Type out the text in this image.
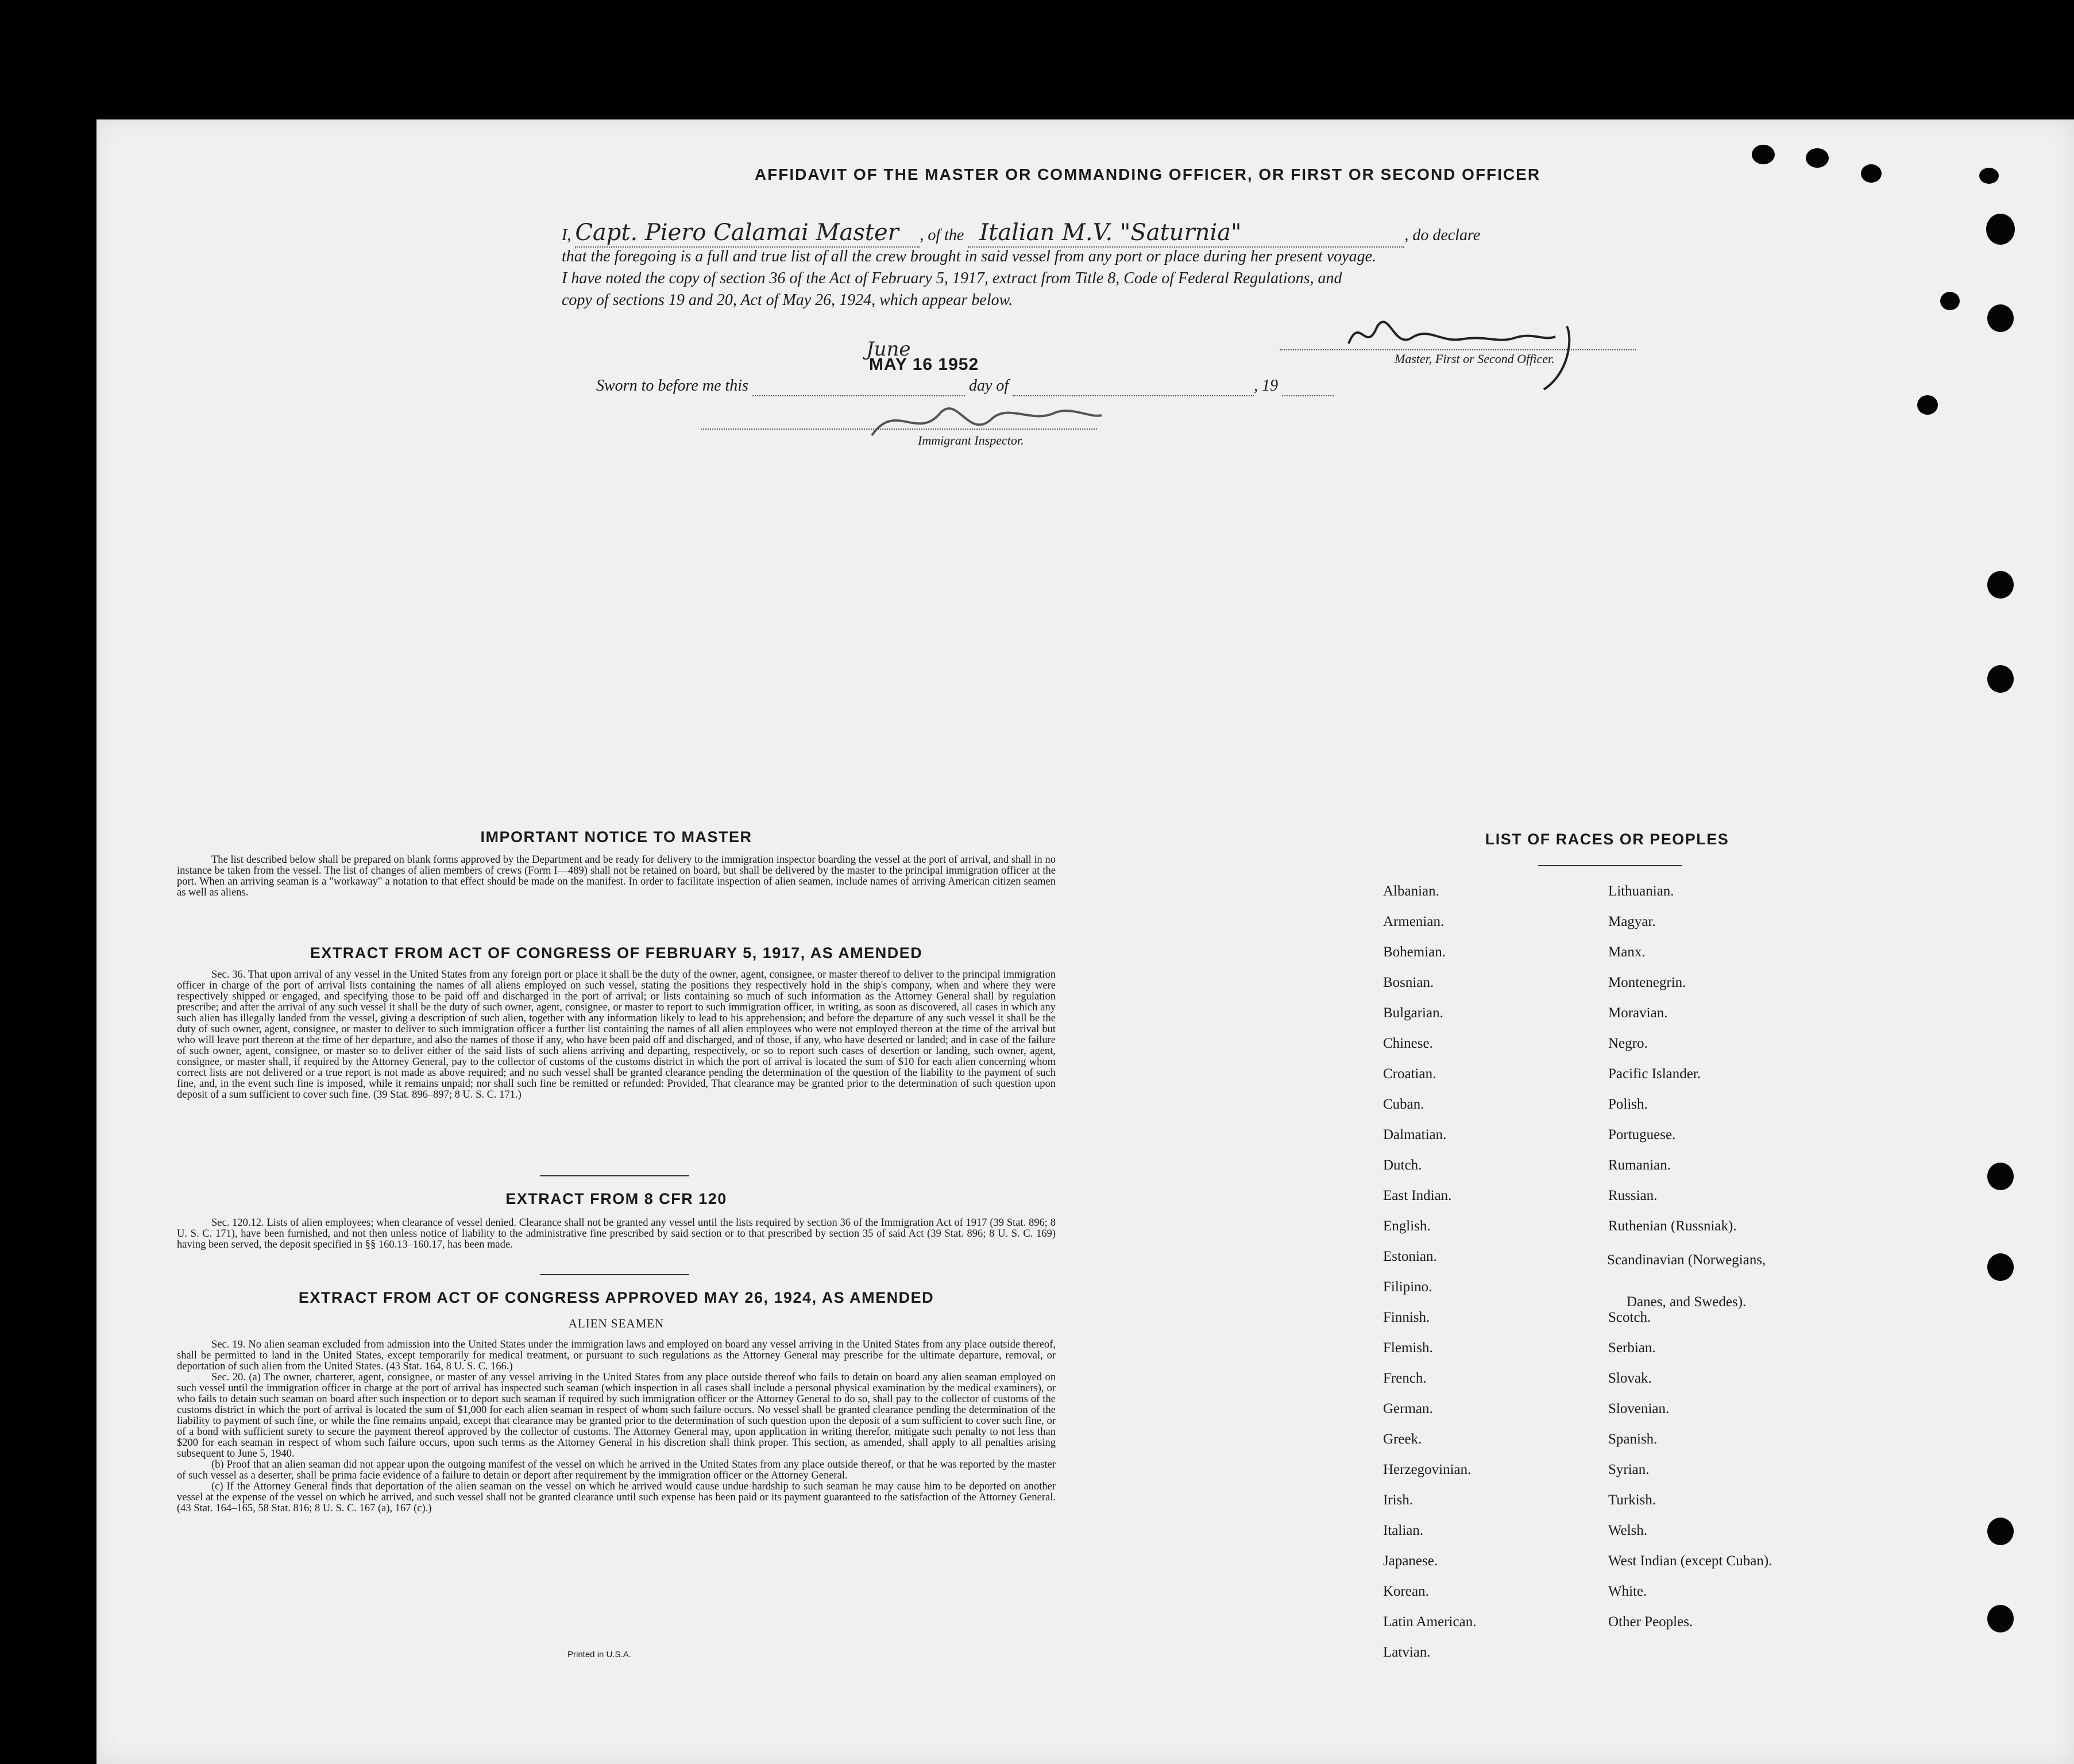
AFFIDAVIT OF THE MASTER OR COMMANDING OFFICER, OR FIRST OR SECOND OFFICER
I, Capt. Piero Calamai Master , of the Italian M.V. "Saturnia"	, do declare
that the foregoing is a full and true list of all the crew brought in said vessel from any port or place during her present voyage.
I have noted the copy of section 36 of the Act of February 5, 1917, extract from Title 8, Code of Federal Regulations, and
copy of sections 19 and 20, Act of May 26, 1924, which appear below.
Master, First or Second Officer.
Sworn to before me this	day of	, 19
June
MAY 16 1952
Immigrant Inspector.
IMPORTANT NOTICE TO MASTER

The list described below shall be prepared on blank forms approved by the Department and be ready for delivery to the immigration inspector boarding the vessel at the port of arrival, and shall in no instance be taken from the vessel. The list of changes of alien members of crews (Form I—489) shall not be retained on board, but shall be delivered by the master to the principal immigration officer at the port. When an arriving seaman is a "workaway" a notation to that effect should be made on the manifest. In order to facilitate inspection of alien seamen, include names of arriving American citizen seamen as well as aliens.

EXTRACT FROM ACT OF CONGRESS OF FEBRUARY 5, 1917, AS AMENDED

Sec. 36. That upon arrival of any vessel in the United States from any foreign port or place it shall be the duty of the owner, agent, consignee, or master thereof to deliver to the principal immigration officer in charge of the port of arrival lists containing the names of all aliens employed on such vessel, stating the positions they respectively hold in the ship's company, when and where they were respectively shipped or engaged, and specifying those to be paid off and discharged in the port of arrival; or lists containing so much of such information as the Attorney General shall by regulation prescribe; and after the arrival of any such vessel it shall be the duty of such owner, agent, consignee, or master to report to such immigration officer, in writing, as soon as discovered, all cases in which any such alien has illegally landed from the vessel, giving a description of such alien, together with any information likely to lead to his apprehension; and before the departure of any such vessel it shall be the duty of such owner, agent, consignee, or master to deliver to such immigration officer a further list containing the names of all alien employees who were not employed thereon at the time of the arrival but who will leave port thereon at the time of her departure, and also the names of those if any, who have been paid off and discharged, and of those, if any, who have deserted or landed; and in case of the failure of such owner, agent, consignee, or master so to deliver either of the said lists of such aliens arriving and departing, respectively, or so to report such cases of desertion or landing, such owner, agent, consignee, or master shall, if required by the Attorney General, pay to the collector of customs of the customs district in which the port of arrival is located the sum of $10 for each alien concerning whom correct lists are not delivered or a true report is not made as above required; and no such vessel shall be granted clearance pending the determination of the question of the liability to the payment of such fine, and, in the event such fine is imposed, while it remains unpaid; nor shall such fine be remitted or refunded: Provided, That clearance may be granted prior to the determination of such question upon deposit of a sum sufficient to cover such fine. (39 Stat. 896–897; 8 U. S. C. 171.)

EXTRACT FROM 8 CFR 120

Sec. 120.12. Lists of alien employees; when clearance of vessel denied. Clearance shall not be granted any vessel until the lists required by section 36 of the Immigration Act of 1917 (39 Stat. 896; 8 U. S. C. 171), have been furnished, and not then unless notice of liability to the administrative fine prescribed by said section or to that prescribed by section 35 of said Act (39 Stat. 896; 8 U. S. C. 169) having been served, the deposit specified in §§ 160.13–160.17, has been made.

EXTRACT FROM ACT OF CONGRESS APPROVED MAY 26, 1924, AS AMENDED
ALIEN SEAMEN

Sec. 19. No alien seaman excluded from admission into the United States under the immigration laws and employed on board any vessel arriving in the United States from any place outside thereof, shall be permitted to land in the United States, except temporarily for medical treatment, or pursuant to such regulations as the Attorney General may prescribe for the ultimate departure, removal, or deportation of such alien from the United States. (43 Stat. 164, 8 U. S. C. 166.)

Sec. 20. (a) The owner, charterer, agent, consignee, or master of any vessel arriving in the United States from any place outside thereof who fails to detain on board any alien seaman employed on such vessel until the immigration officer in charge at the port of arrival has inspected such seaman (which inspection in all cases shall include a personal physical examination by the medical examiners), or who fails to detain such seaman on board after such inspection or to deport such seaman if required by such immigration officer or the Attorney General to do so, shall pay to the collector of customs of the customs district in which the port of arrival is located the sum of $1,000 for each alien seaman in respect of whom such failure occurs. No vessel shall be granted clearance pending the determination of the liability to payment of such fine, or while the fine remains unpaid, except that clearance may be granted prior to the determination of such question upon the deposit of a sum sufficient to cover such fine, or of a bond with sufficient surety to secure the payment thereof approved by the collector of customs. The Attorney General may, upon application in writing therefor, mitigate such penalty to not less than $200 for each seaman in respect of whom such failure occurs, upon such terms as the Attorney General in his discretion shall think proper. This section, as amended, shall apply to all penalties arising subsequent to June 5, 1940.

(b) Proof that an alien seaman did not appear upon the outgoing manifest of the vessel on which he arrived in the United States from any place outside thereof, or that he was reported by the master of such vessel as a deserter, shall be prima facie evidence of a failure to detain or deport after requirement by the immigration officer or the Attorney General.

(c) If the Attorney General finds that deportation of the alien seaman on the vessel on which he arrived would cause undue hardship to such seaman he may cause him to be deported on another vessel at the expense of the vessel on which he arrived, and such vessel shall not be granted clearance until such expense has been paid or its payment guaranteed to the satisfaction of the Attorney General. (43 Stat. 164–165, 58 Stat. 816; 8 U. S. C. 167 (a), 167 (c).)

Printed in U.S.A.
LIST OF RACES OR PEOPLES
Albanian.
Armenian.
Bohemian.
Bosnian.
Bulgarian.
Chinese.
Croatian.
Cuban.
Dalmatian.
Dutch.
East Indian.
English.
Estonian.
Filipino.
Finnish.
Flemish.
French.
German.
Greek.
Herzegovinian.
Irish.
Italian.
Japanese.
Korean.
Latin American.
Latvian.
Lithuanian.
Magyar.
Manx.
Montenegrin.
Moravian.
Negro.
Pacific Islander.
Polish.
Portuguese.
Rumanian.
Russian.
Ruthenian (Russniak).
Scandinavian (Norwegians,
Danes, and Swedes).
Scotch.
Serbian.
Slovak.
Slovenian.
Spanish.
Syrian.
Turkish.
Welsh.
West Indian (except Cuban).
White.
Other Peoples.
